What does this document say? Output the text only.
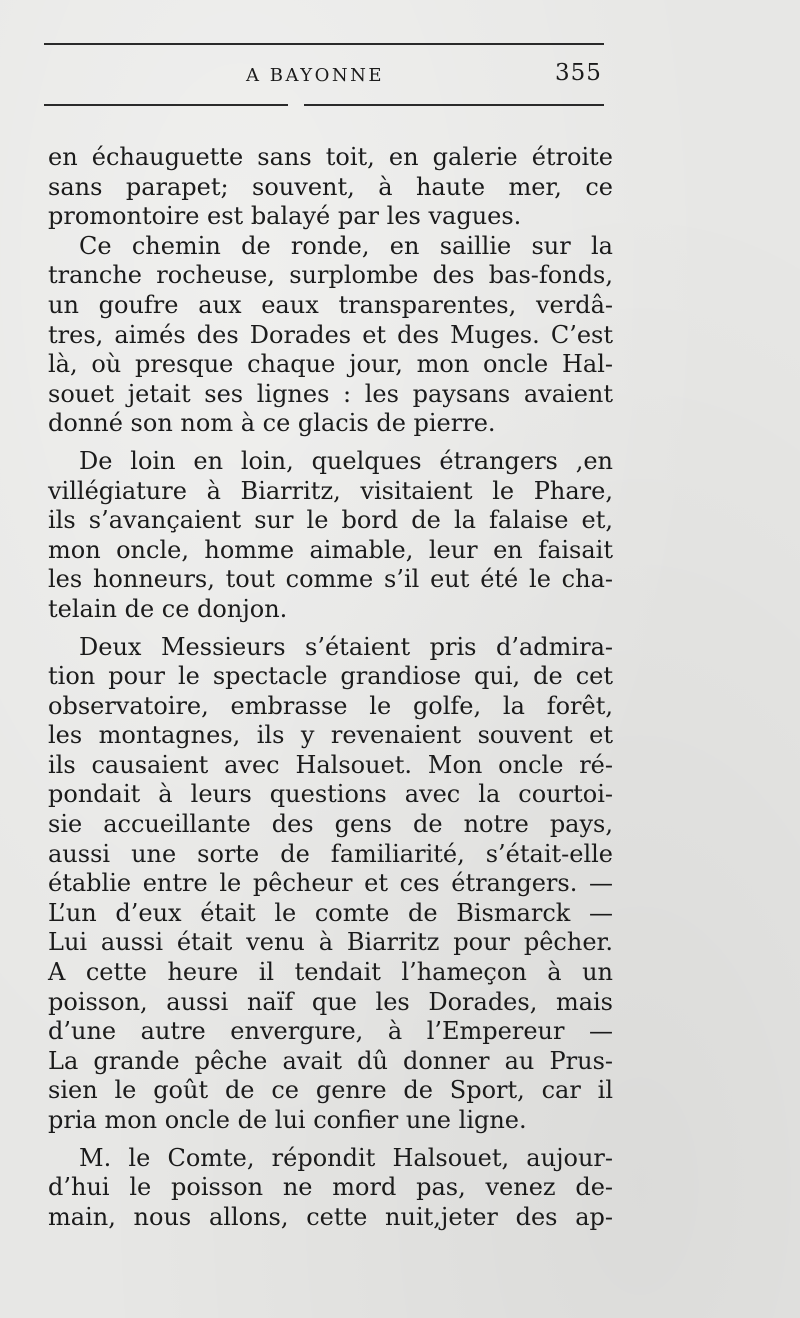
A BAYONNE	355
en échauguette sans toit, en galerie étroite
sans parapet; souvent, à haute mer, ce
promontoire est balayé par les vagues.
Ce chemin de ronde, en saillie sur la
tranche rocheuse, surplombe des bas-fonds,
un goufre aux eaux transparentes, verdâ-
tres, aimés des Dorades et des Muges. C’est
là, où presque chaque jour, mon oncle Hal-
souet jetait ses lignes : les paysans avaient
donné son nom à ce glacis de pierre.
De loin en loin, quelques étrangers ,en
villégiature à Biarritz, visitaient le Phare,
ils s’avançaient sur le bord de la falaise et,
mon oncle, homme aimable, leur en faisait
les honneurs, tout comme s’il eut été le cha-
telain de ce donjon.
Deux Messieurs s’étaient pris d’admira-
tion pour le spectacle grandiose qui, de cet
observatoire, embrasse le golfe, la forêt,
les montagnes, ils y revenaient souvent et
ils causaient avec Halsouet. Mon oncle ré-
pondait à leurs questions avec la courtoi-
sie accueillante des gens de notre pays,
aussi une sorte de familiarité, s’était-elle
établie entre le pêcheur et ces étrangers. —
L’un d’eux était le comte de Bismarck —
Lui aussi était venu à Biarritz pour pêcher.
A cette heure il tendait l’hameçon à un
poisson, aussi naïf que les Dorades, mais
d’une autre envergure, à l’Empereur —
La grande pêche avait dû donner au Prus-
sien le goût de ce genre de Sport, car il
pria mon oncle de lui confier une ligne.
M. le Comte, répondit Halsouet, aujour-
d’hui le poisson ne mord pas, venez de-
main, nous allons, cette nuit,jeter des ap-
